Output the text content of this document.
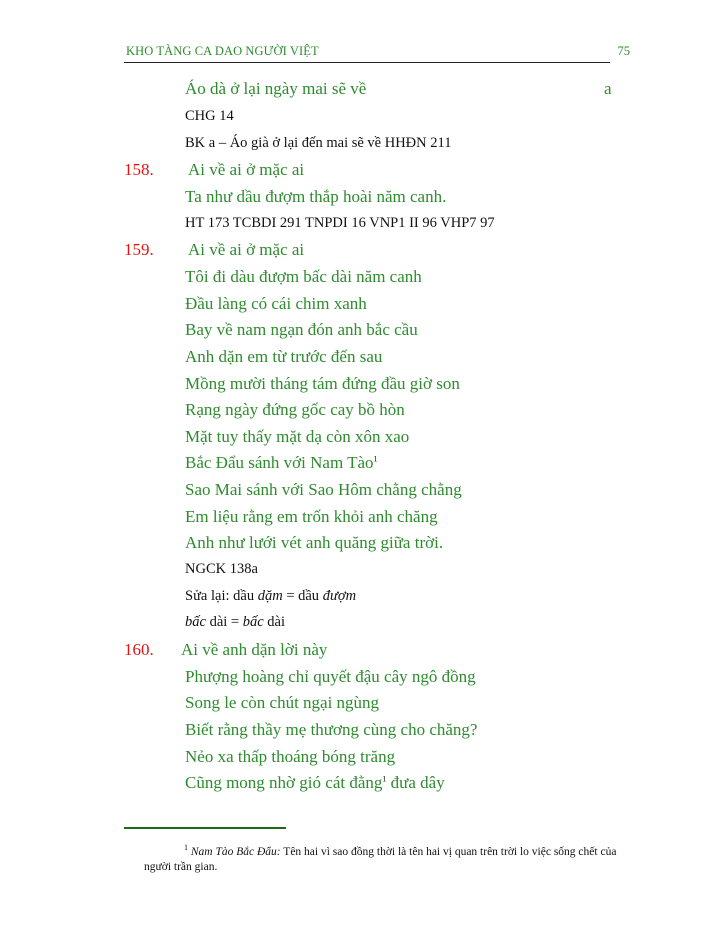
KHO TÀNG CA DAO NGƯỜI VIỆT	75
Áo dà ở lại ngày mai sẽ về	a
CHG 14
BK a – Áo già ở lại đến mai sẽ về HHĐN 211
158. Ai về ai ở mặc ai
Ta như dầu đượm thắp hoài năm canh.
HT 173 TCBDI 291 TNPDI 16 VNP1 II 96 VHP7 97
159. Ai về ai ở mặc ai
Tôi đi dàu đượm bấc dài năm canh
Đầu làng có cái chim xanh
Bay về nam ngạn đón anh bắc cầu
Anh dặn em từ trước đến sau
Mồng mười tháng tám đứng đầu giờ son
Rạng ngày đứng gốc cay bồ hòn
Mặt tuy thấy mặt dạ còn xôn xao
Bắc Đẩu sánh với Nam Tào$^1$
Sao Mai sánh với Sao Hôm chằng chằng
Em liệu rằng em trốn khỏi anh chăng
Anh như lưới vét anh quăng giữa trời.
NGCK 138a
Sửa lại: dầu dặm = dầu đượm
bấc dài = bấc dài
160. Ai về anh dặn lời này
Phượng hoàng chỉ quyết đậu cây ngô đồng
Song le còn chút ngại ngùng
Biết rằng thầy mẹ thương cùng cho chăng?
Nẻo xa thấp thoáng bóng trăng
Cũng mong nhờ gió cát đằng$^1$ đưa dây
$^1$ Nam Tào Bắc Đẩu: Tên hai vì sao đồng thời là tên hai vị quan trên trời lo việc sống chết của người trần gian.
